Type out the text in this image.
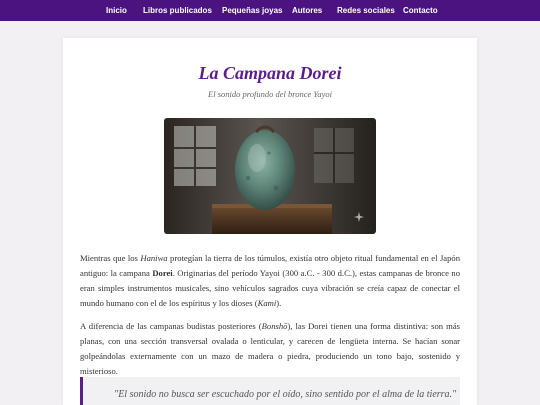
Inicio Libros publicados Pequeñas joyas Autores Redes sociales Contacto
La Campana Dorei
El sonido profundo del bronce Yayoi

Mientras que los Haniwa protegían la tierra de los túmulos, existía otro objeto ritual fundamental en el Japón antiguo: la campana Dorei. Originarias del período Yayoi (300 a.C. - 300 d.C.), estas campanas de bronce no eran simples instrumentos musicales, sino vehículos sagrados cuya vibración se creía capaz de conectar el mundo humano con el de los espíritus y los dioses (Kami).

A diferencia de las campanas budistas posteriores (Bonshō), las Dorei tienen una forma distintiva: son más planas, con una sección transversal ovalada o lenticular, y carecen de lengüeta interna. Se hacían sonar golpeándolas externamente con un mazo de madera o piedra, produciendo un tono bajo, sostenido y misterioso.

"El sonido no busca ser escuchado por el oído, sino sentido por el alma de la tierra."
